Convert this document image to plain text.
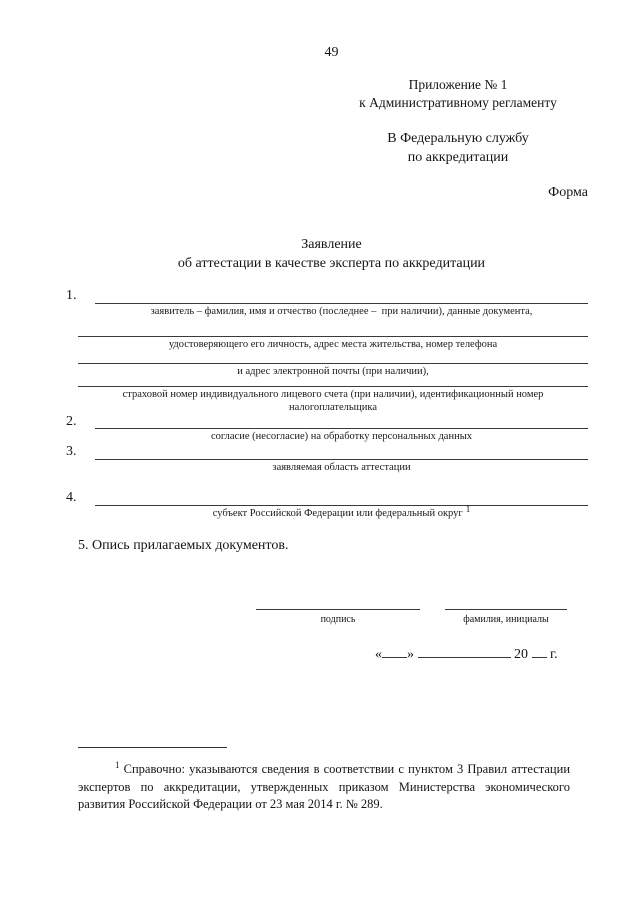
49
Приложение № 1
к Административному регламенту
В Федеральную службу
по аккредитации
Форма
Заявление
об аттестации в качестве эксперта по аккредитации
1.
заявитель – фамилия, имя и отчество (последнее –  при наличии), данные документа,
удостоверяющего его личность, адрес места жительства, номер телефона
и адрес электронной почты (при наличии),
страховой номер индивидуального лицевого счета (при наличии), идентификационный номер налогоплательщика
2.
согласие (несогласие) на обработку персональных данных
3.
заявляемая область аттестации
4.
субъект Российской Федерации или федеральный округ $^1$
5. Опись прилагаемых документов.
подпись	фамилия, инициалы
« »	20 г.
$^1$ Справочно: указываются сведения в соответствии с пунктом 3 Правил аттестации экспертов по аккредитации, утвержденных приказом Министерства экономического развития Российской Федерации от 23 мая 2014 г. № 289.
